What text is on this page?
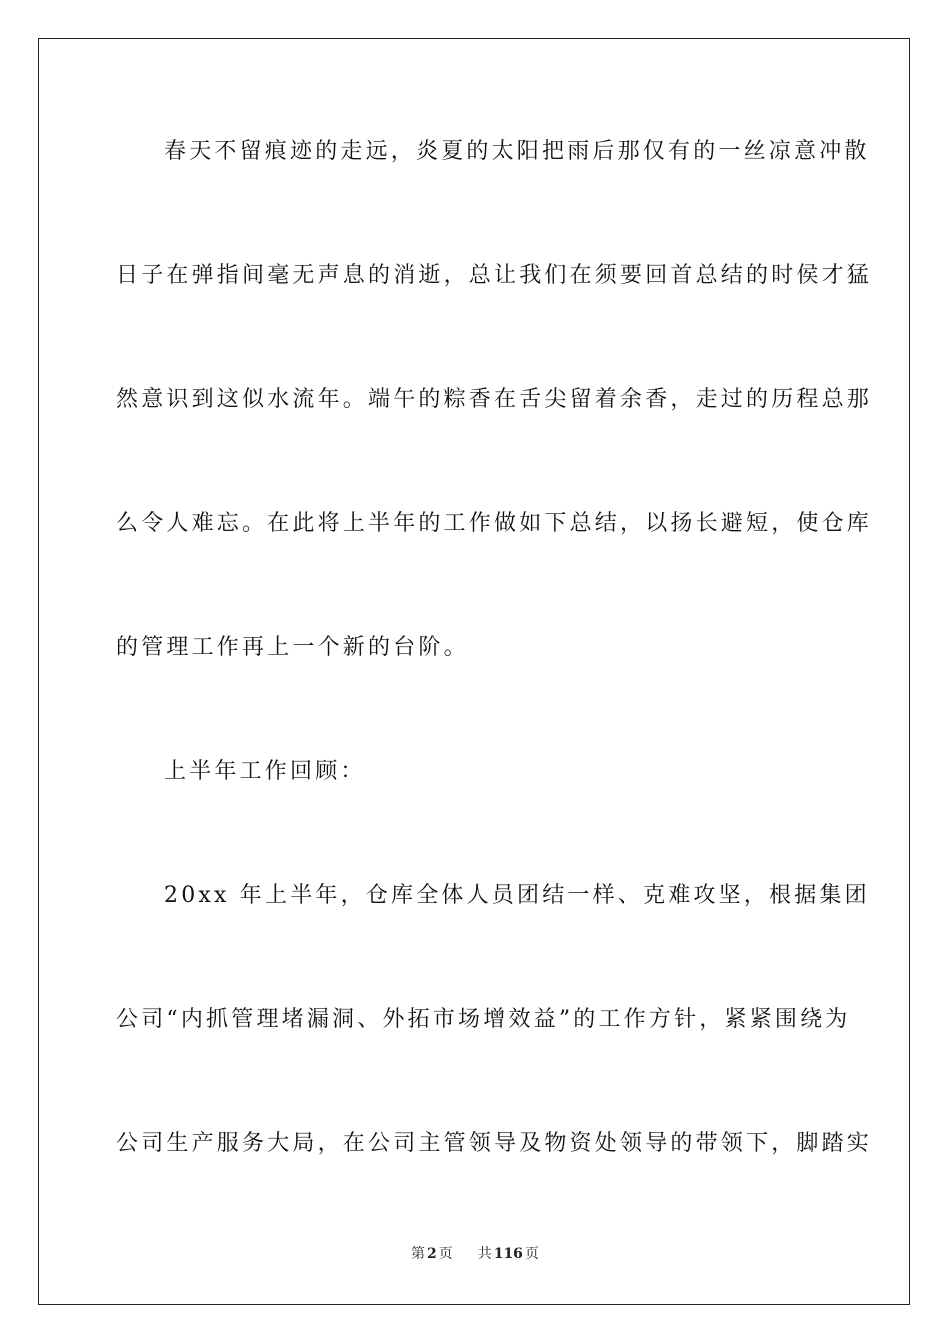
春天不留痕迹的走远，炎夏的太阳把雨后那仅有的一丝凉意冲散
日子在弹指间毫无声息的消逝，总让我们在须要回首总结的时侯才猛
然意识到这似水流年。端午的粽香在舌尖留着余香，走过的历程总那
么令人难忘。在此将上半年的工作做如下总结，以扬长避短，使仓库
的管理工作再上一个新的台阶。
上半年工作回顾：
20xx 年上半年，仓库全体人员团结一样、克难攻坚，根据集团
公司“内抓管理堵漏洞、外拓市场增效益”的工作方针，紧紧围绕为
公司生产服务大局，在公司主管领导及物资处领导的带领下，脚踏实
第 2 页 共 116 页
